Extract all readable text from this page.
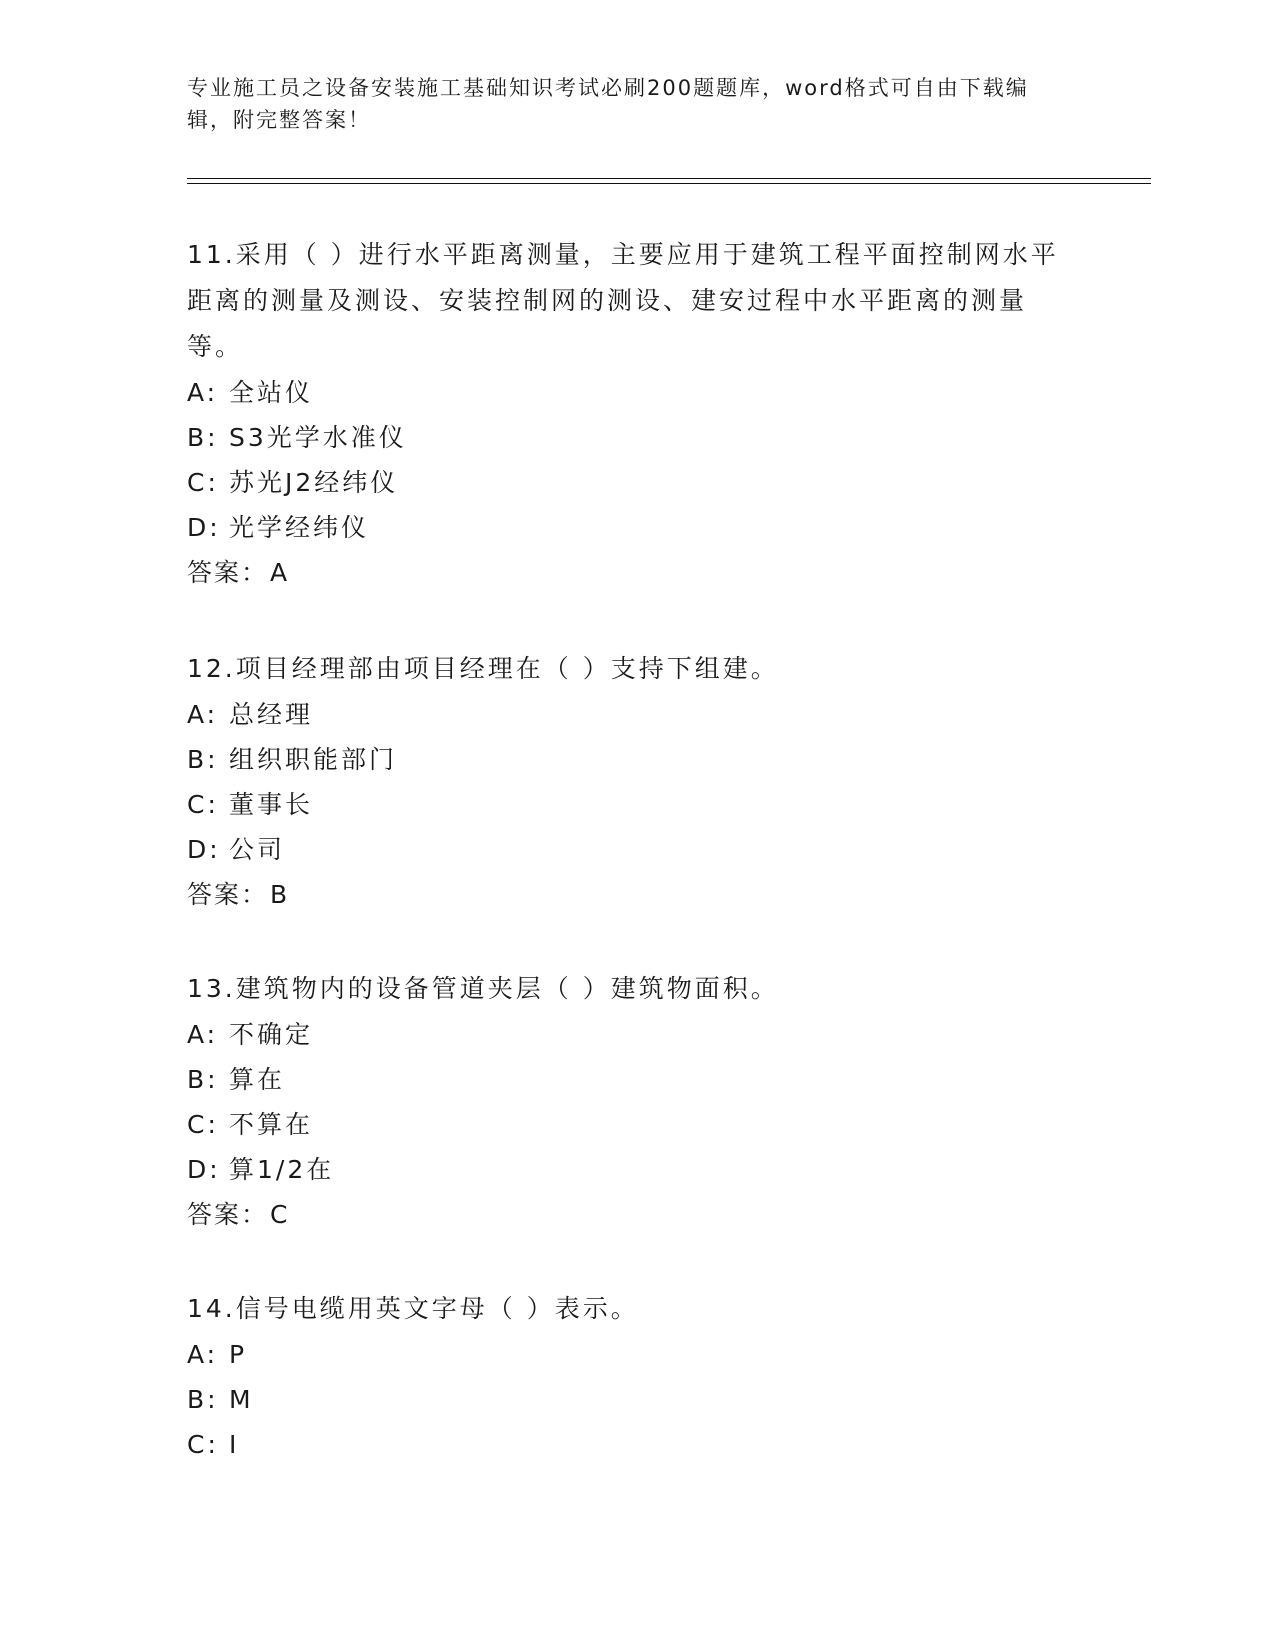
专业施工员之设备安装施工基础知识考试必刷200题题库，word格式可自由下载编辑，附完整答案！
11.采用（ ）进行水平距离测量，主要应用于建筑工程平面控制网水平距离的测量及测设、安装控制网的测设、建安过程中水平距离的测量等。
A: 全站仪
B: S3光学水准仪
C: 苏光J2经纬仪
D: 光学经纬仪
答案：A
12.项目经理部由项目经理在（ ）支持下组建。
A: 总经理
B: 组织职能部门
C: 董事长
D: 公司
答案：B
13.建筑物内的设备管道夹层（ ）建筑物面积。
A: 不确定
B: 算在
C: 不算在
D: 算1/2在
答案：C
14.信号电缆用英文字母（ ）表示。
A: P
B: M
C: I
